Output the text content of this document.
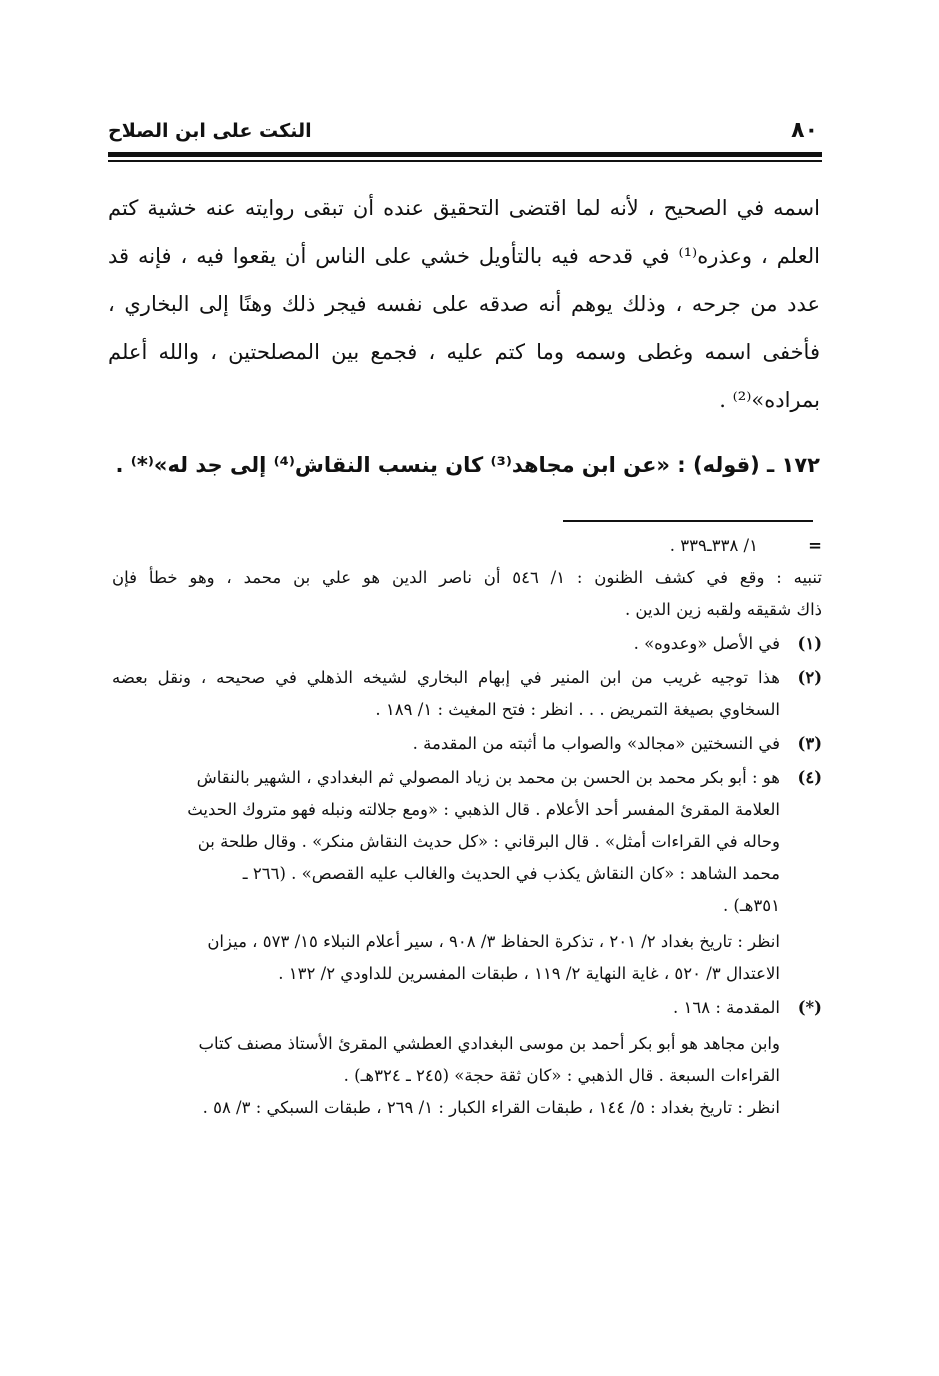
٨٠
النكت على ابن الصلاح
اسمه في الصحيح ، لأنه لما اقتضى التحقيق عنده أن تبقى روايته عنه خشية كتم
العلم ، وعذره⁽¹⁾ في قدحه فيه بالتأويل خشي على الناس أن يقعوا فيه ، فإنه قد
عدد من جرحه ، وذلك يوهم أنه صدقه على نفسه فيجر ذلك وهنًا إلى البخاري ،
فأخفى اسمه وغطى وسمه وما كتم عليه ، فجمع بين المصلحتين ، والله أعلم
بمراده»⁽²⁾ .
١٧٢ ـ (قوله) : «عن ابن مجاهد⁽³⁾ كان ينسب النقاش⁽⁴⁾ إلى جد له»⁽*⁾ .
=
١/ ٣٣٨ـ٣٣٩ .
تنبيه : وقع في كشف الظنون : ١/ ٥٤٦ أن ناصر الدين هو علي بن محمد ، وهو خطأ فإن
ذاك شقيقه ولقبه زين الدين .
(١)
في الأصل «وعدوه» .
(٢)
هذا توجيه غريب من ابن المنير في إبهام البخاري لشيخه الذهلي في صحيحه ، ونقل بعضه
السخاوي بصيغة التمريض . . . انظر : فتح المغيث : ١/ ١٨٩ .
(٣)
في النسختين «مجالد» والصواب ما أثبته من المقدمة .
(٤)
هو : أبو بكر محمد بن الحسن بن محمد بن زياد المصولي ثم البغدادي ، الشهير بالنقاش
العلامة المقرئ المفسر أحد الأعلام . قال الذهبي : «ومع جلالته ونبله فهو متروك الحديث
وحاله في القراءات أمثل» . قال البرقاني : «كل حديث النقاش منكر» . وقال طلحة بن
محمد الشاهد : «كان النقاش يكذب في الحديث والغالب عليه القصص» . (٢٦٦ ـ
٣٥١هـ) .
انظر : تاريخ بغداد ٢/ ٢٠١ ، تذكرة الحفاظ ٣/ ٩٠٨ ، سير أعلام النبلاء ١٥/ ٥٧٣ ، ميزان
الاعتدال ٣/ ٥٢٠ ، غاية النهاية ٢/ ١١٩ ، طبقات المفسرين للداودي ٢/ ١٣٢ .
(*)
المقدمة : ١٦٨ .
وابن مجاهد هو أبو بكر أحمد بن موسى البغدادي العطشي المقرئ الأستاذ مصنف كتاب
القراءات السبعة . قال الذهبي : «كان ثقة حجة» (٢٤٥ ـ ٣٢٤هـ) .
انظر : تاريخ بغداد : ٥/ ١٤٤ ، طبقات القراء الكبار : ١/ ٢٦٩ ، طبقات السبكي : ٣/ ٥٨ .
